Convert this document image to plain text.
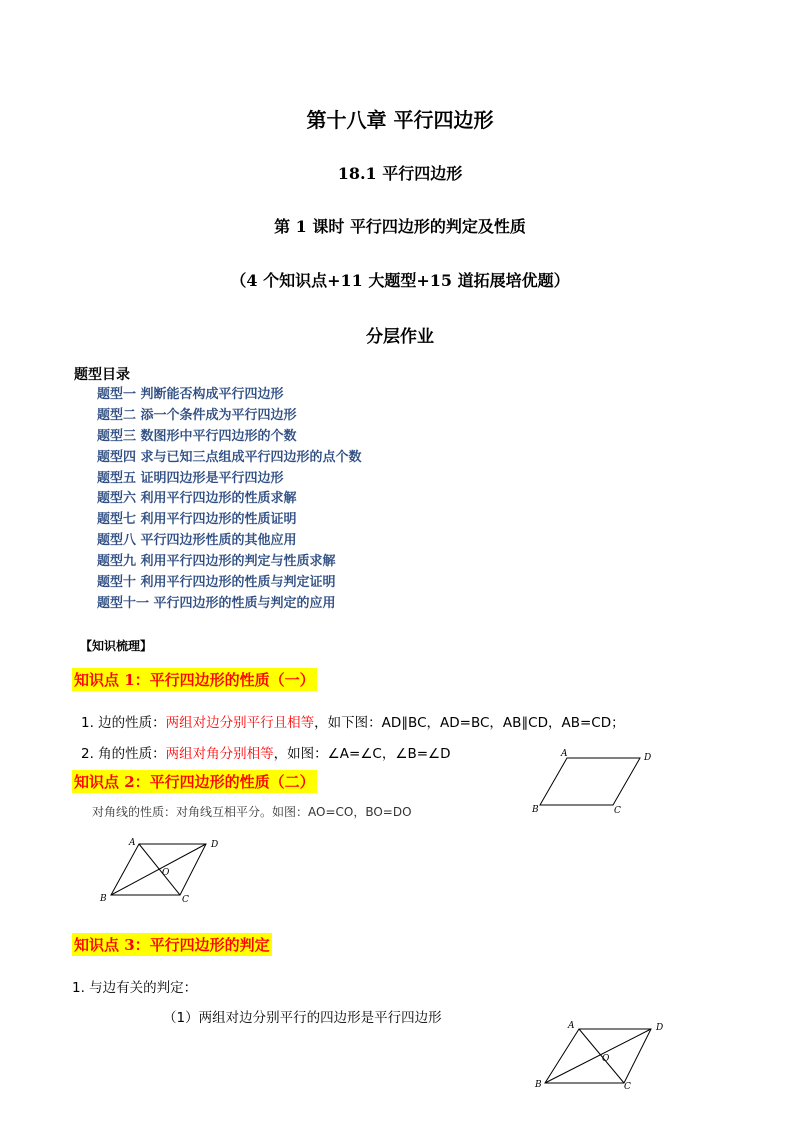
第十八章 平行四边形
18.1 平行四边形
第 1 课时 平行四边形的判定及性质
（4 个知识点+11 大题型+15 道拓展培优题）
分层作业
题型目录
题型一 判断能否构成平行四边形
题型二 添一个条件成为平行四边形
题型三 数图形中平行四边形的个数
题型四 求与已知三点组成平行四边形的点个数
题型五 证明四边形是平行四边形
题型六 利用平行四边形的性质求解
题型七 利用平行四边形的性质证明
题型八 平行四边形性质的其他应用
题型九 利用平行四边形的判定与性质求解
题型十 利用平行四边形的性质与判定证明
题型十一 平行四边形的性质与判定的应用
【知识梳理】
知识点 1：平行四边形的性质（一）
1. 边的性质：两组对边分别平行且相等，如下图：AD∥BC，AD=BC，AB∥CD，AB=CD；
2. 角的性质：两组对角分别相等，如图：∠A=∠C，∠B=∠D	A	D
B	C
知识点 2：平行四边形的性质（二）
对角线的性质：对角线互相平分。如图：AO=CO，BO=DO
A	D
B	C
O
知识点 3：平行四边形的判定
1. 与边有关的判定：
（1）两组对边分别平行的四边形是平行四边形	A	D
B	C
O
